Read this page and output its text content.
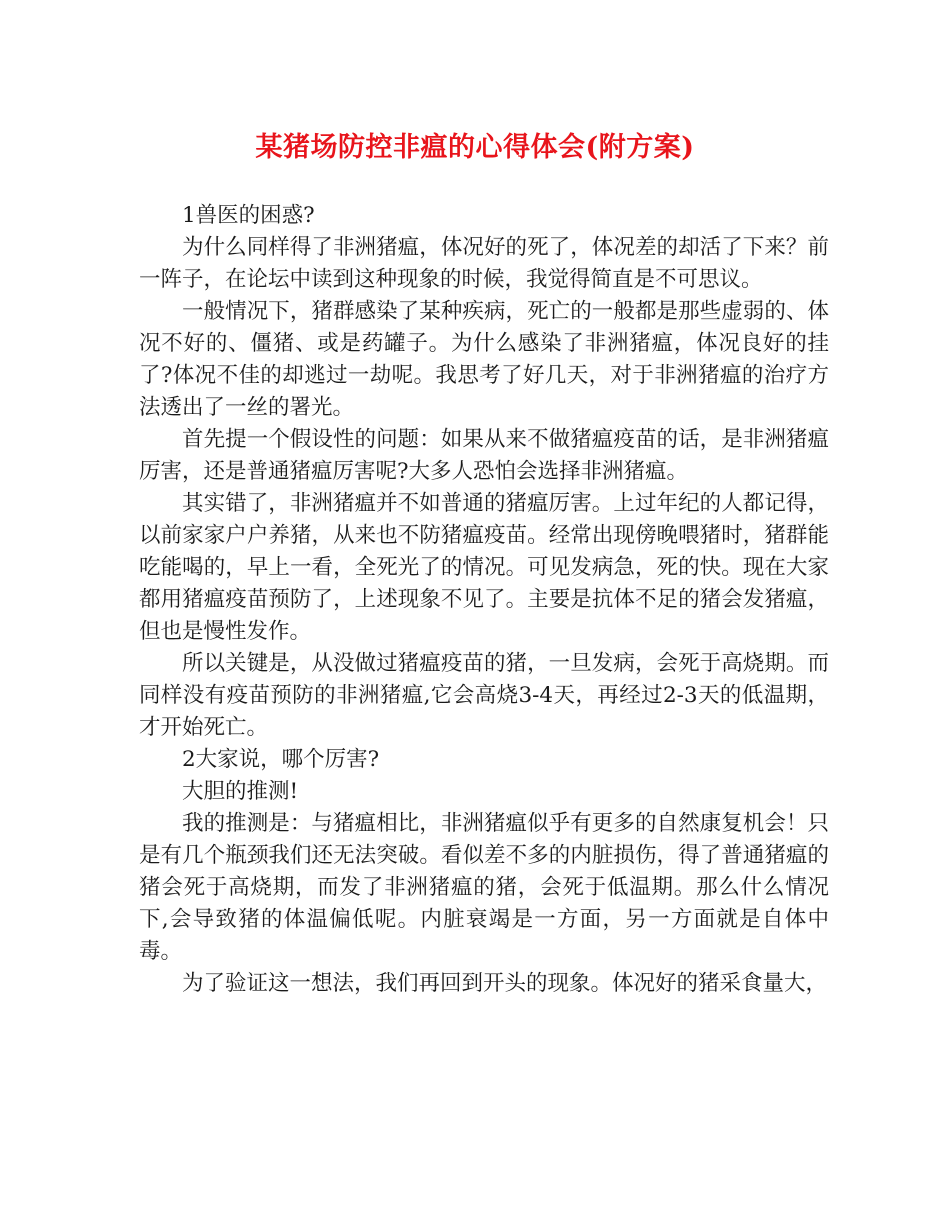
某猪场防控非瘟的心得体会(附方案)

1兽医的困惑?

为什么同样得了非洲猪瘟，体况好的死了，体况差的却活了下来？前一阵子，在论坛中读到这种现象的时候，我觉得简直是不可思议。

一般情况下，猪群感染了某种疾病，死亡的一般都是那些虚弱的、体况不好的、僵猪、或是药罐子。为什么感染了非洲猪瘟，体况良好的挂了?体况不佳的却逃过一劫呢。我思考了好几天，对于非洲猪瘟的治疗方法透出了一丝的署光。

首先提一个假设性的问题：如果从来不做猪瘟疫苗的话，是非洲猪瘟厉害，还是普通猪瘟厉害呢?大多人恐怕会选择非洲猪瘟。

其实错了，非洲猪瘟并不如普通的猪瘟厉害。上过年纪的人都记得，以前家家户户养猪，从来也不防猪瘟疫苗。经常出现傍晚喂猪时，猪群能吃能喝的，早上一看，全死光了的情况。可见发病急，死的快。现在大家都用猪瘟疫苗预防了，上述现象不见了。主要是抗体不足的猪会发猪瘟，但也是慢性发作。

所以关键是，从没做过猪瘟疫苗的猪，一旦发病，会死于高烧期。而同样没有疫苗预防的非洲猪瘟,它会高烧3-4天，再经过2-3天的低温期，才开始死亡。

2大家说，哪个厉害?

大胆的推测!

我的推测是：与猪瘟相比，非洲猪瘟似乎有更多的自然康复机会！只是有几个瓶颈我们还无法突破。看似差不多的内脏损伤，得了普通猪瘟的猪会死于高烧期，而发了非洲猪瘟的猪，会死于低温期。那么什么情况下,会导致猪的体温偏低呢。内脏衰竭是一方面，另一方面就是自体中毒。

为了验证这一想法，我们再回到开头的现象。体况好的猪采食量大，
